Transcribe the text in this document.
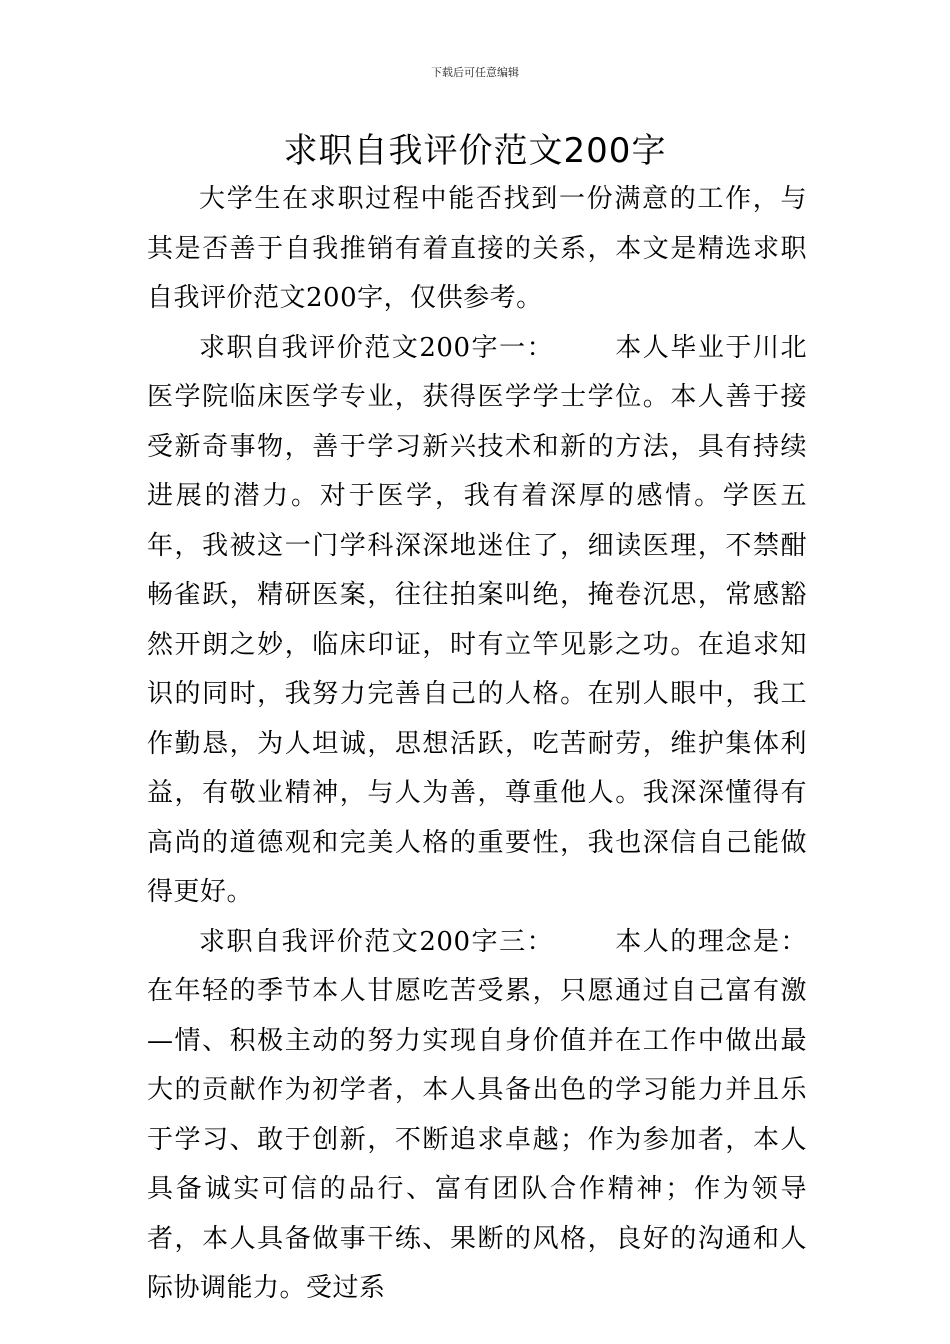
下载后可任意编辑
求职自我评价范文200字

大学生在求职过程中能否找到一份满意的工作，与其是否善于自我推销有着直接的关系，本文是精选求职自我评价范文200字，仅供参考。

求职自我评价范文200字一： 本人毕业于川北医学院临床医学专业，获得医学学士学位。本人善于接受新奇事物，善于学习新兴技术和新的方法，具有持续进展的潜力。对于医学，我有着深厚的感情。学医五年，我被这一门学科深深地迷住了，细读医理，不禁酣畅雀跃，精研医案，往往拍案叫绝，掩卷沉思，常感豁然开朗之妙，临床印证，时有立竿见影之功。在追求知识的同时，我努力完善自己的人格。在别人眼中，我工作勤恳，为人坦诚，思想活跃，吃苦耐劳，维护集体利益，有敬业精神，与人为善，尊重他人。我深深懂得有高尚的道德观和完美人格的重要性，我也深信自己能做得更好。

求职自我评价范文200字三： 本人的理念是：在年轻的季节本人甘愿吃苦受累，只愿通过自己富有激—情、积极主动的努力实现自身价值并在工作中做出最大的贡献作为初学者，本人具备出色的学习能力并且乐于学习、敢于创新，不断追求卓越；作为参加者，本人具备诚实可信的品行、富有团队合作精神；作为领导者，本人具备做事干练、果断的风格，良好的沟通和人际协调能力。受过系
